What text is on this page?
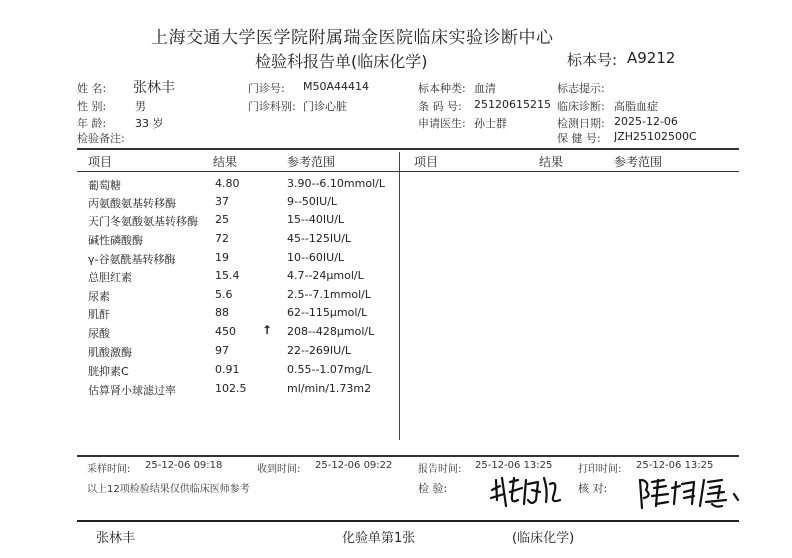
上海交通大学医学院附属瑞金医院临床实验诊断中心
检验科报告单(临床化学)	标本号: A9212
姓 名: 张林丰
性 别:	男
年 龄:	33 岁
检验备注:
门诊号: M50A44414
门诊科别: 门诊心脏
标本种类: 血清
条 码 号: 25120615215
申请医生: 孙士群
标志提示:
临床诊断: 高脂血症
检测日期: 2025-12-06
保 健 号: JZH25102500C
项目	结果	参考范围	项目	结果	参考范围
葡萄糖	4.80	3.90--6.10mmol/L
丙氨酸氨基转移酶	37	9--50IU/L
天门冬氨酸氨基转移酶 25	15--40IU/L
碱性磷酸酶	72	45--125IU/L
γ-谷氨酰基转移酶	19	10--60IU/L
总胆红素	15.4	4.7--24μmol/L
尿素	5.6	2.5--7.1mmol/L
肌酐	88	62--115μmol/L
尿酸	450 ↑ 208--428μmol/L
肌酸激酶	97	22--269IU/L
胱抑素C	0.91	0.55--1.07mg/L
估算肾小球滤过率	102.5	ml/min/1.73m2
采样时间: 25-12-06 09:18	收到时间: 25-12-06 09:22	报告时间: 25-12-06 13:25	打印时间: 25-12-06 13:25
以上12项检验结果仅供临床医师参考	检 验:	核 对:
张林丰	化验单第1张	(临床化学)
